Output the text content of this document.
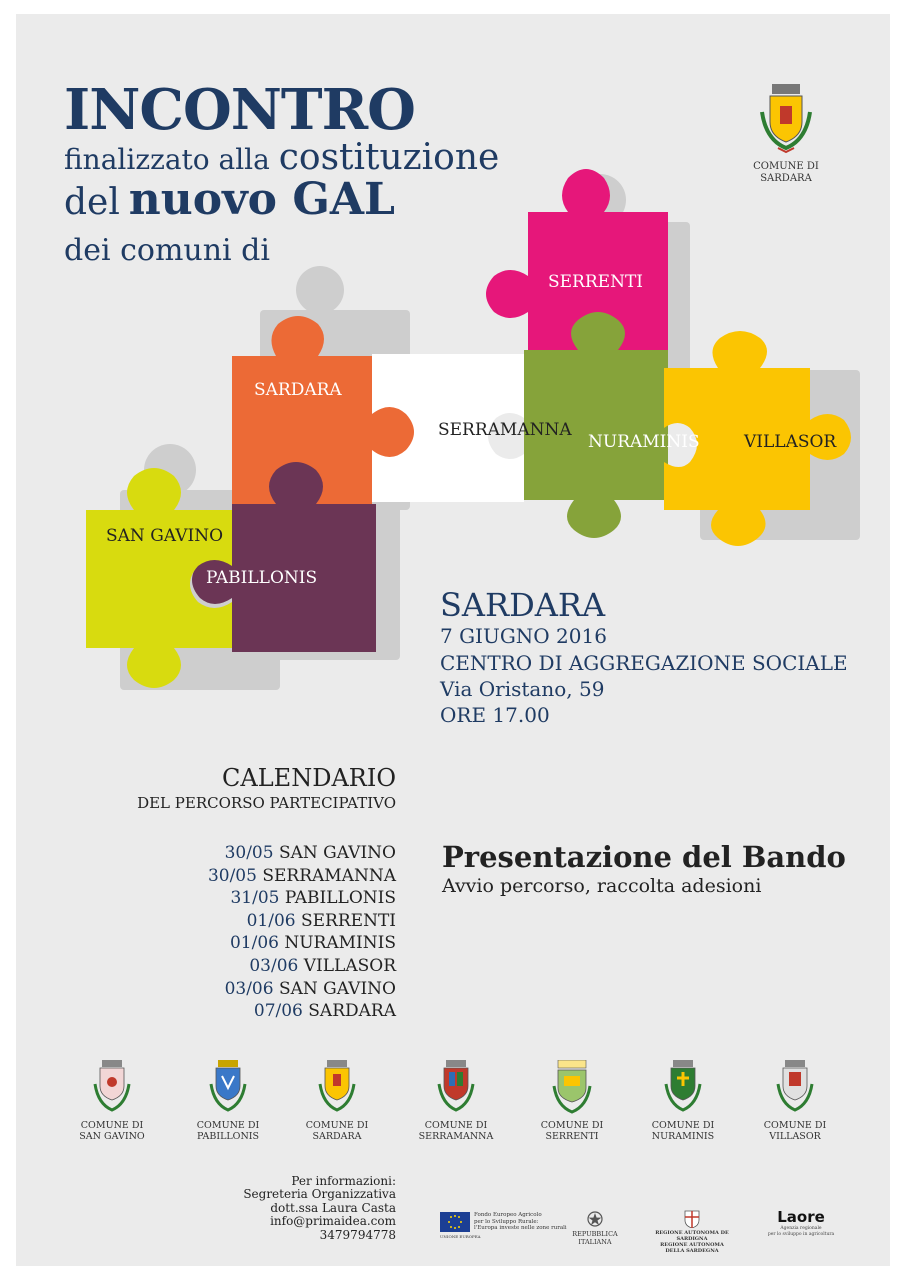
INCONTRO
finalizzato alla costituzione
del nuovo GAL
dei comuni di
COMUNE DI
SARDARA
SERRENTI
SARDARA
SERRAMANNA
NURAMINIS	VILLASOR
SAN GAVINO
PABILLONIS
SARDARA
7 GIUGNO 2016
CENTRO DI AGGREGAZIONE SOCIALE
Via Oristano, 59
ORE 17.00
CALENDARIO
DEL PERCORSO PARTECIPATIVO
30/05 SAN GAVINO
30/05 SERRAMANNA
31/05 PABILLONIS
01/06 SERRENTI
01/06 NURAMINIS
03/06 VILLASOR
03/06 SAN GAVINO
07/06 SARDARA
Presentazione del Bando
Avvio percorso, raccolta adesioni
COMUNE DI
SAN GAVINO
COMUNE DI
PABILLONIS
COMUNE DI
SARDARA
COMUNE DI
SERRAMANNA
COMUNE DI
SERRENTI
COMUNE DI
NURAMINIS
COMUNE DI
VILLASOR
Per informazioni:
Segreteria Organizzativa
dott.ssa Laura Casta
info@primaidea.com
3479794778
Fondo Europeo Agricolo
per lo Sviluppo Rurale:
l'Europa investe nelle zone rurali
UNIONE EUROPEA	REPUBBLICA ITALIANA
REGIONE AUTONOMA DE SARDIGNA
REGIONE AUTONOMA DELLA SARDEGNA
Laore
Agenzia regionale
per lo sviluppo in agricoltura
